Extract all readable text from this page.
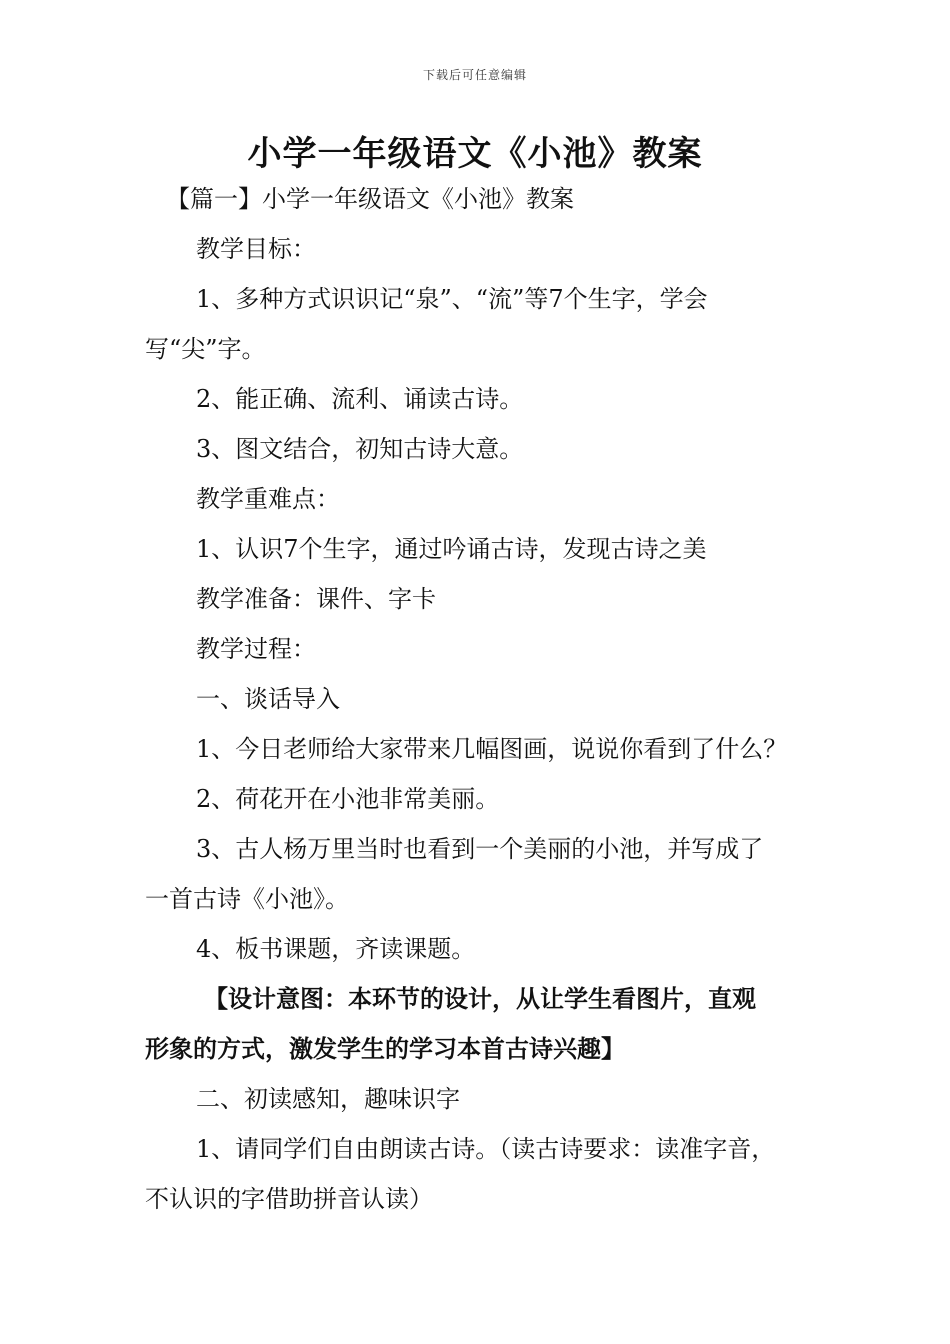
下载后可任意编辑
小学一年级语文《小池》教案
【篇一】小学一年级语文《小池》教案
教学目标：
1、多种方式识识记“泉”、“流”等7个生字，学会
写“尖”字。
2、能正确、流利、诵读古诗。
3、图文结合，初知古诗大意。
教学重难点：
1、认识7个生字，通过吟诵古诗，发现古诗之美
教学准备：课件、字卡
教学过程：
一、谈话导入
1、今日老师给大家带来几幅图画，说说你看到了什么？
2、荷花开在小池非常美丽。
3、古人杨万里当时也看到一个美丽的小池，并写成了
一首古诗《小池》。
4、板书课题，齐读课题。
【设计意图：本环节的设计，从让学生看图片，直观
形象的方式，激发学生的学习本首古诗兴趣】
二、初读感知，趣味识字
1、请同学们自由朗读古诗。（读古诗要求：读准字音，
不认识的字借助拼音认读）
